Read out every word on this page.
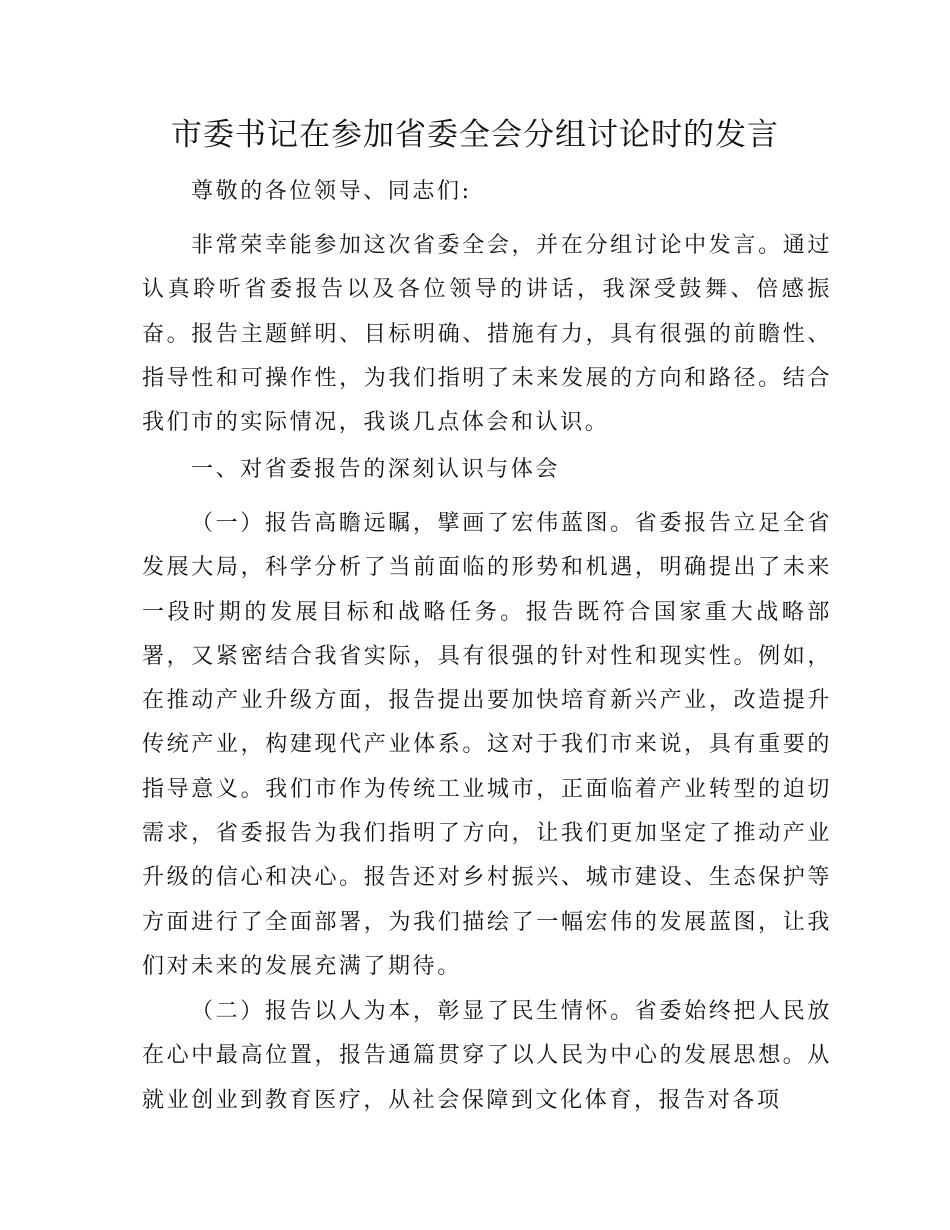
市委书记在参加省委全会分组讨论时的发言

尊敬的各位领导、同志们:

非常荣幸能参加这次省委全会，并在分组讨论中发言。通过认真聆听省委报告以及各位领导的讲话，我深受鼓舞、倍感振奋。报告主题鲜明、目标明确、措施有力，具有很强的前瞻性、指导性和可操作性，为我们指明了未来发展的方向和路径。结合我们市的实际情况，我谈几点体会和认识。

一、对省委报告的深刻认识与体会

（一）报告高瞻远瞩，擘画了宏伟蓝图。省委报告立足全省发展大局，科学分析了当前面临的形势和机遇，明确提出了未来一段时期的发展目标和战略任务。报告既符合国家重大战略部署，又紧密结合我省实际，具有很强的针对性和现实性。例如，在推动产业升级方面，报告提出要加快培育新兴产业，改造提升传统产业，构建现代产业体系。这对于我们市来说，具有重要的指导意义。我们市作为传统工业城市，正面临着产业转型的迫切需求，省委报告为我们指明了方向，让我们更加坚定了推动产业升级的信心和决心。报告还对乡村振兴、城市建设、生态保护等方面进行了全面部署，为我们描绘了一幅宏伟的发展蓝图，让我们对未来的发展充满了期待。

（二）报告以人为本，彰显了民生情怀。省委始终把人民放在心中最高位置，报告通篇贯穿了以人民为中心的发展思想。从就业创业到教育医疗，从社会保障到文化体育，报告对各项
